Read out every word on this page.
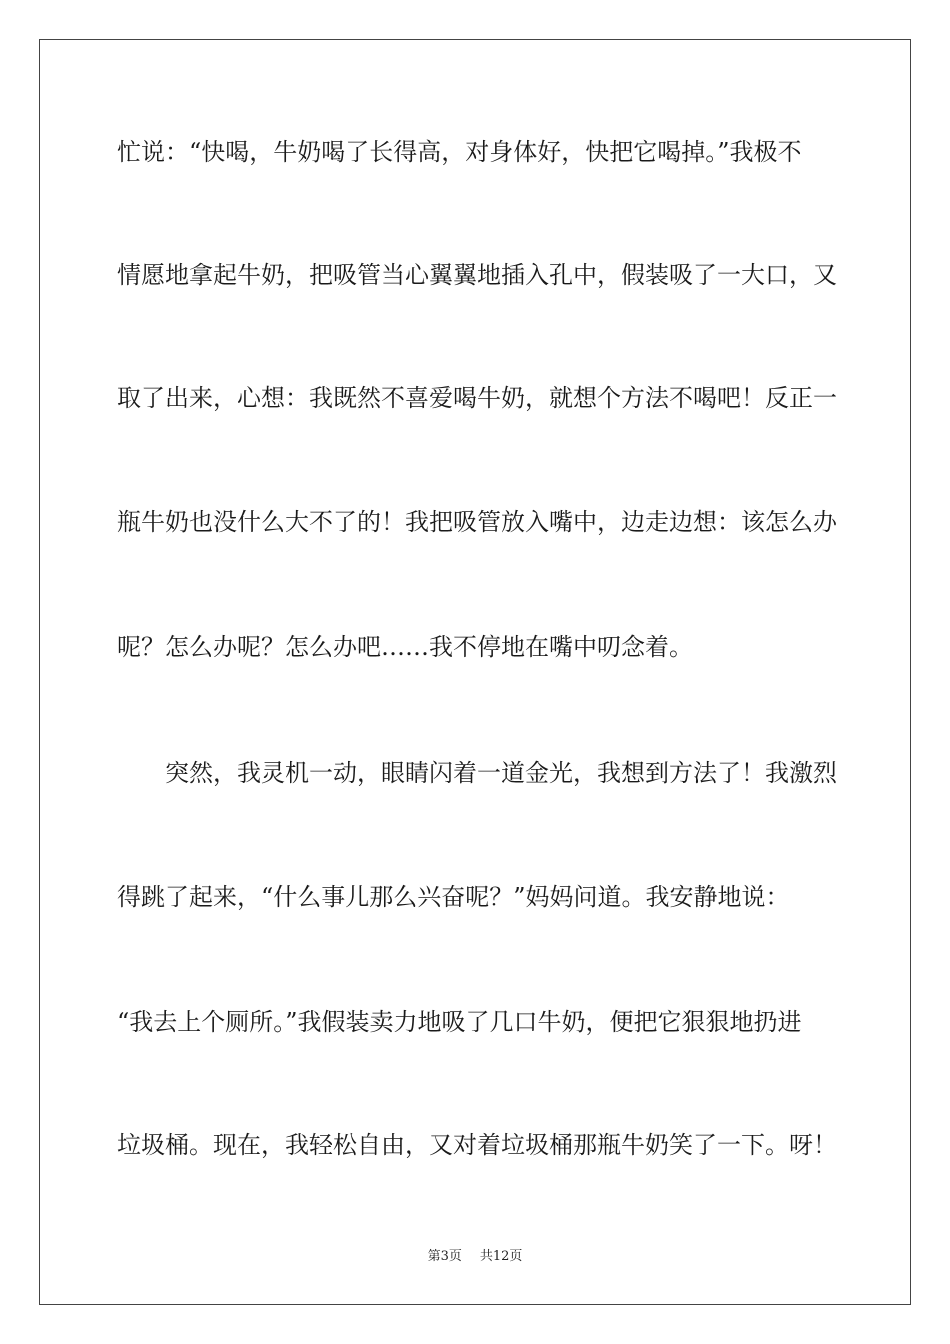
忙说：“快喝，牛奶喝了长得高，对身体好，快把它喝掉。”我极不
情愿地拿起牛奶，把吸管当心翼翼地插入孔中，假装吸了一大口，又
取了出来，心想：我既然不喜爱喝牛奶，就想个方法不喝吧！反正一
瓶牛奶也没什么大不了的！我把吸管放入嘴中，边走边想：该怎么办
呢？怎么办呢？怎么办吧……我不停地在嘴中叨念着。
突然，我灵机一动，眼睛闪着一道金光，我想到方法了！我激烈
得跳了起来，“什么事儿那么兴奋呢？”妈妈问道。我安静地说：
“我去上个厕所。”我假装卖力地吸了几口牛奶，便把它狠狠地扔进
垃圾桶。现在，我轻松自由，又对着垃圾桶那瓶牛奶笑了一下。呀！
第3页 共12页
